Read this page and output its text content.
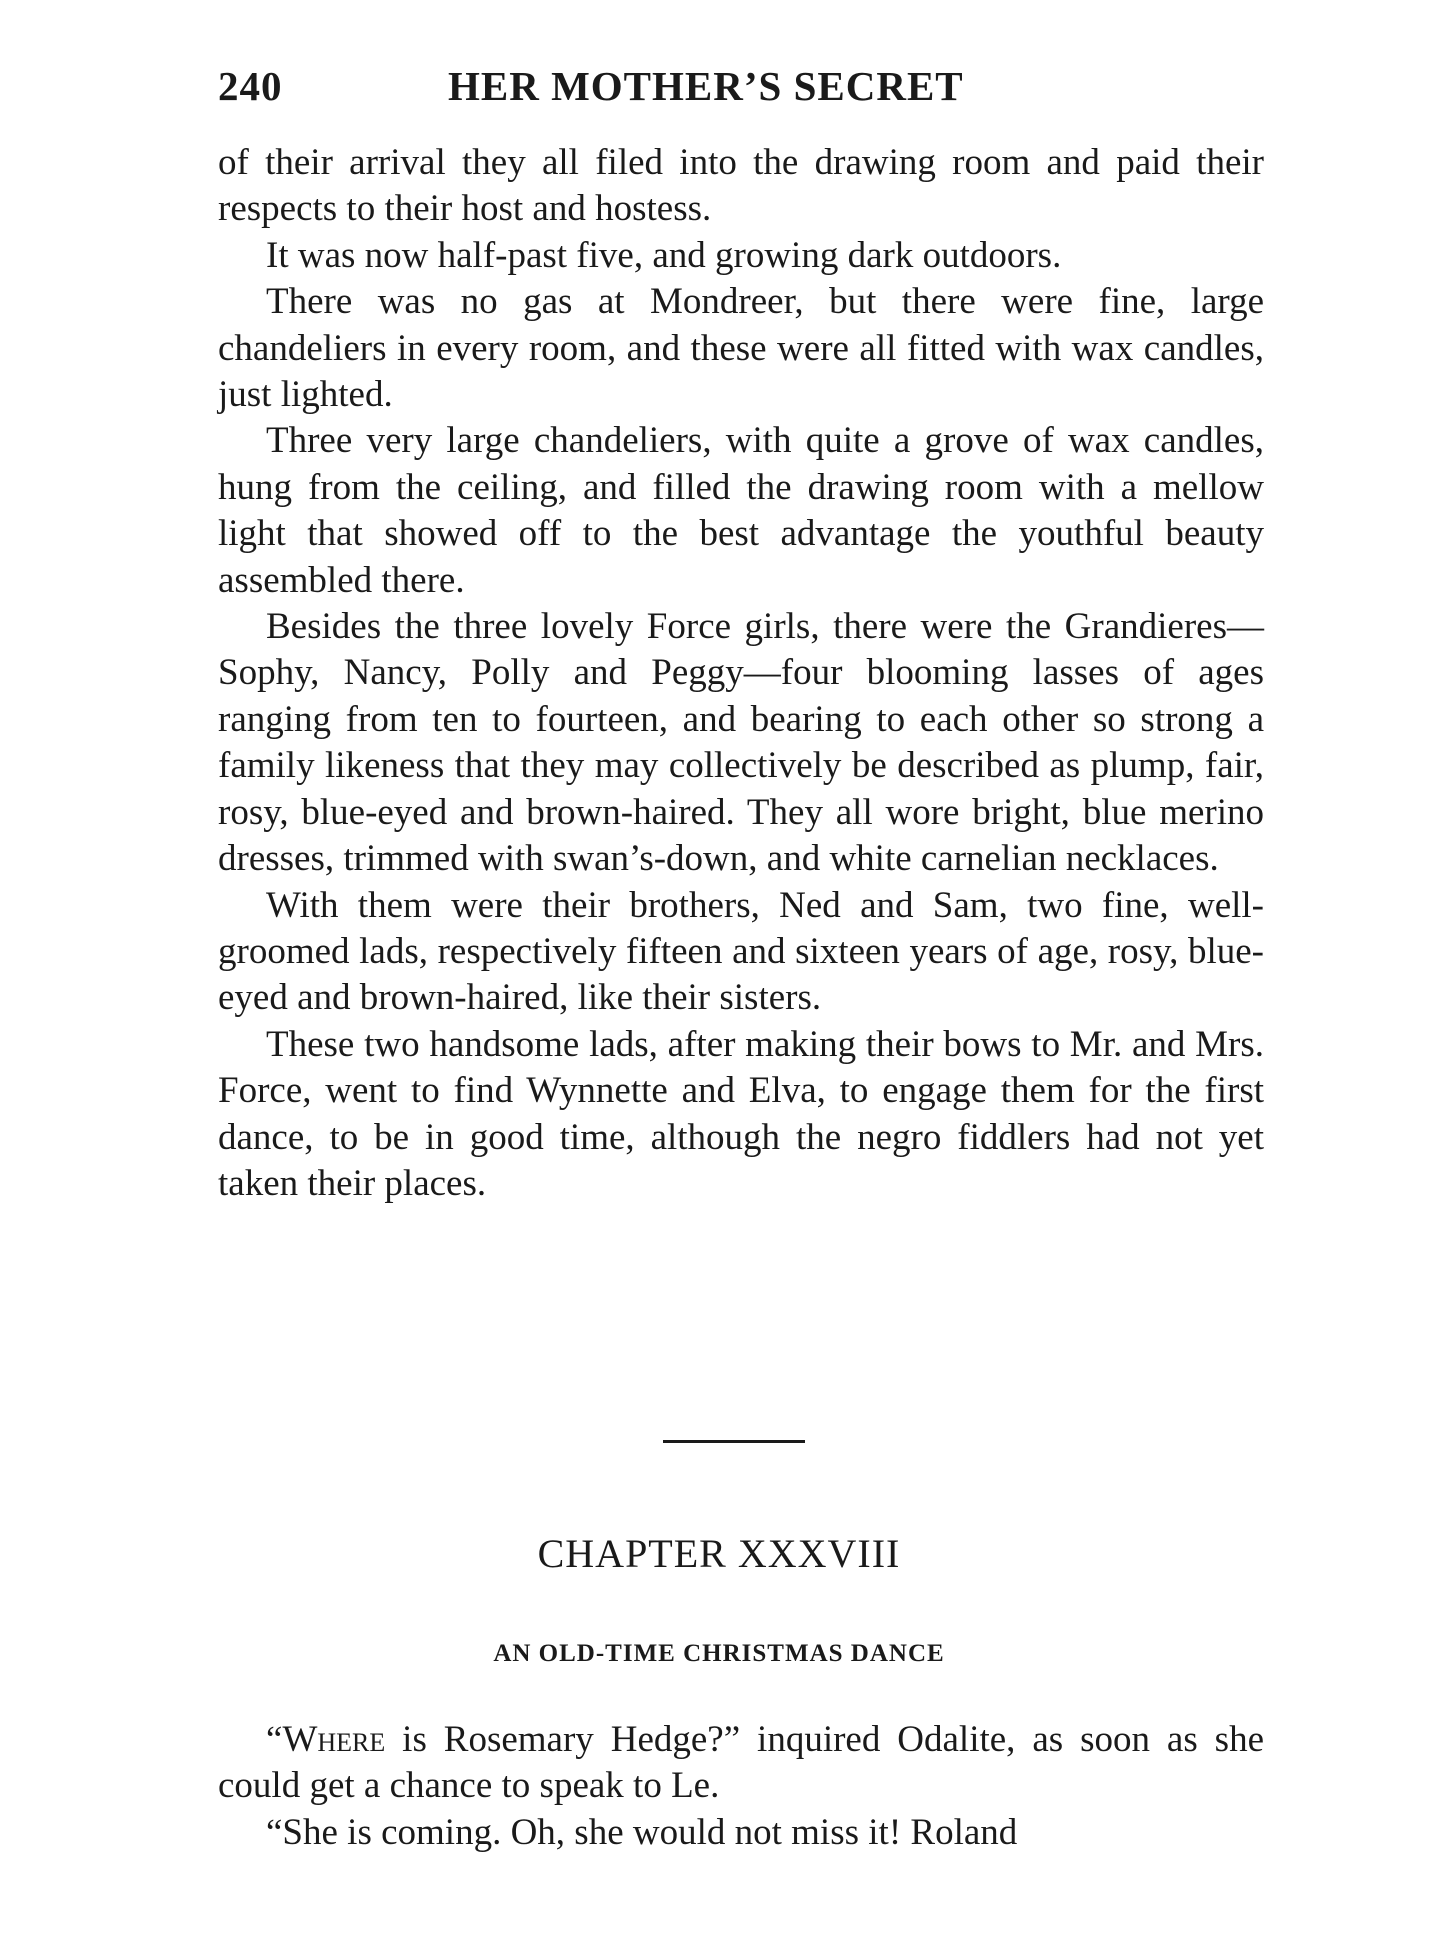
240	HER MOTHER’S SECRET

of their arrival they all filed into the drawing room and paid their respects to their host and hostess.

It was now half-past five, and growing dark outdoors.

There was no gas at Mondreer, but there were fine, large chandeliers in every room, and these were all fitted with wax candles, just lighted.

Three very large chandeliers, with quite a grove of wax candles, hung from the ceiling, and filled the drawing room with a mellow light that showed off to the best advantage the youthful beauty assembled there.

Besides the three lovely Force girls, there were the Grandieres—Sophy, Nancy, Polly and Peggy—four blooming lasses of ages ranging from ten to fourteen, and bearing to each other so strong a family likeness that they may collectively be described as plump, fair, rosy, blue-eyed and brown-haired. They all wore bright, blue merino dresses, trimmed with swan’s-down, and white carnelian necklaces.

With them were their brothers, Ned and Sam, two fine, well-groomed lads, respectively fifteen and sixteen years of age, rosy, blue-eyed and brown-haired, like their sisters.

These two handsome lads, after making their bows to Mr. and Mrs. Force, went to find Wynnette and Elva, to engage them for the first dance, to be in good time, although the negro fiddlers had not yet taken their places.

CHAPTER XXXVIII
AN OLD-TIME CHRISTMAS DANCE

“Where is Rosemary Hedge?” inquired Odalite, as soon as she could get a chance to speak to Le.

“She is coming. Oh, she would not miss it! Roland
